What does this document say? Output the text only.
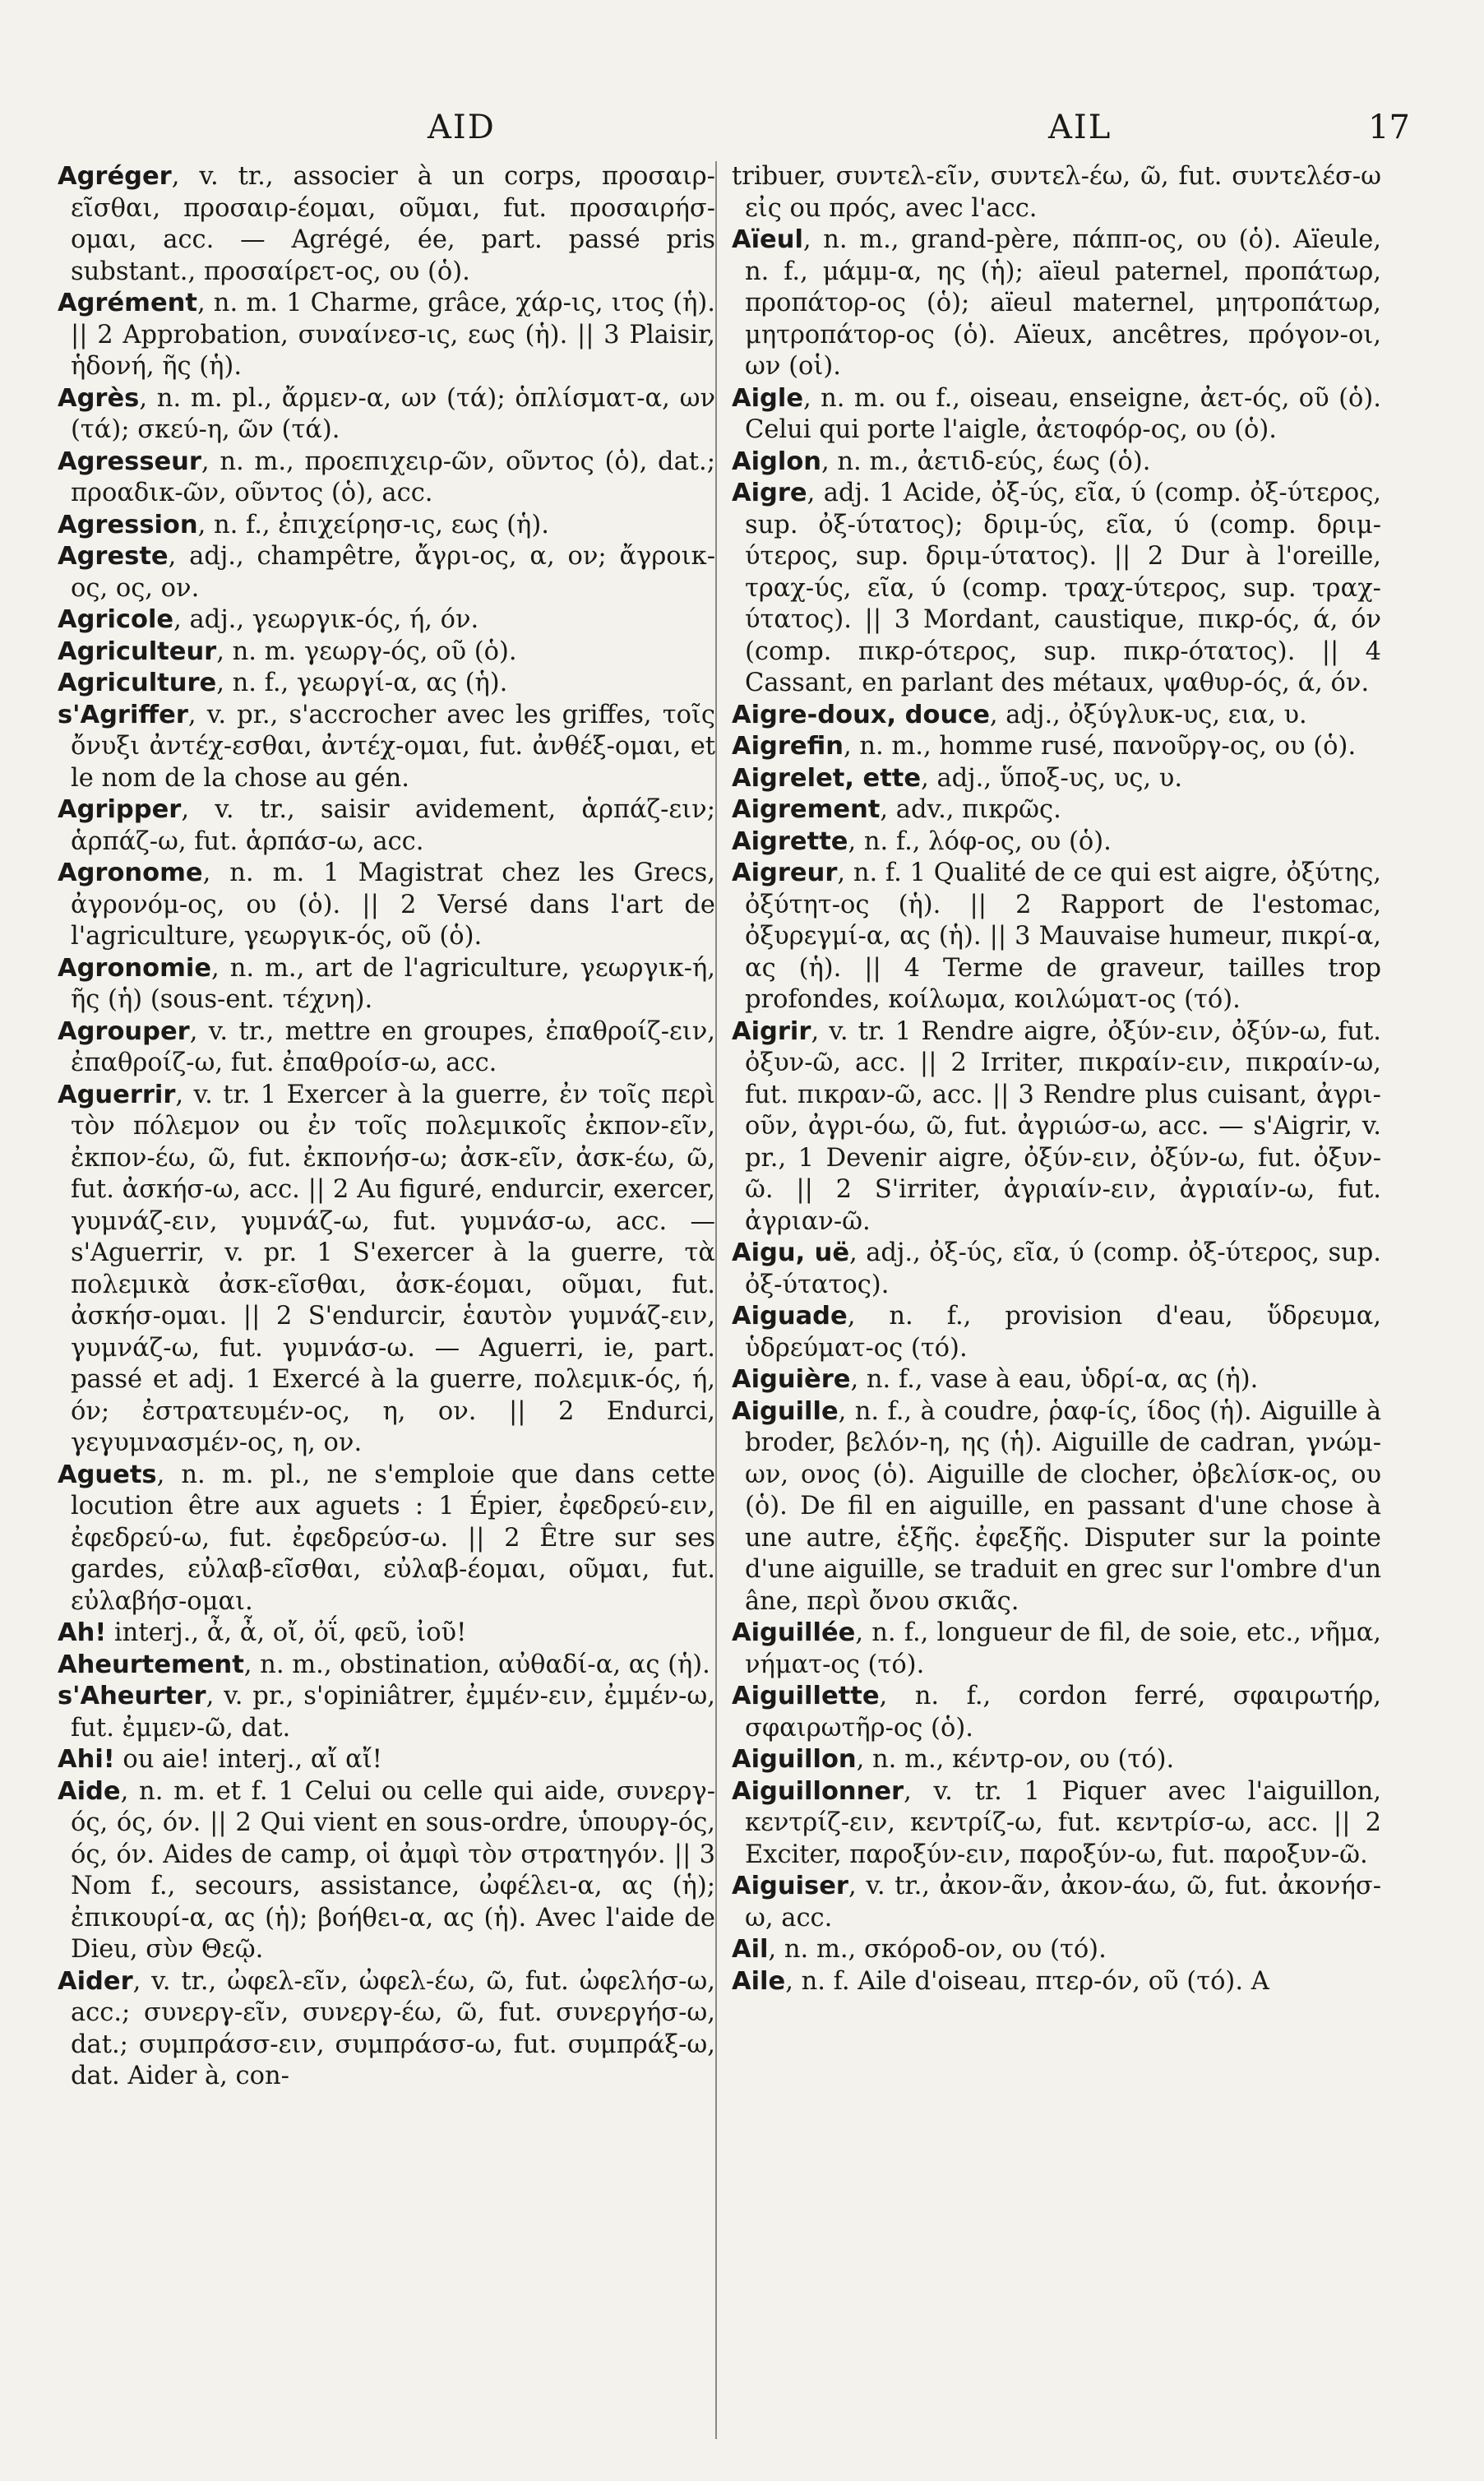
AID	AIL	17

Agréger, v. tr., associer à un corps, προσαιρ-εῖσθαι, προσαιρ-έομαι, οῦμαι, fut. προσαιρήσ-ομαι, acc. — Agrégé, ée, part. passé pris substant., προσαίρετ-ος, ου (ὁ).

Agrément, n. m. 1 Charme, grâce, χάρ-ις, ιτος (ἡ). || 2 Approbation, συναίνεσ-ις, εως (ἡ). || 3 Plaisir, ἡδονή, ῆς (ἡ).

Agrès, n. m. pl., ἄρμεν-α, ων (τά); ὁπλίσματ-α, ων (τά); σκεύ-η, ῶν (τά).

Agresseur, n. m., προεπιχειρ-ῶν, οῦντος (ὁ), dat.; προαδικ-ῶν, οῦντος (ὁ), acc.

Agression, n. f., ἐπιχείρησ-ις, εως (ἡ).

Agreste, adj., champêtre, ἄγρι-ος, α, ον; ἄγροικ-ος, ος, ον.

Agricole, adj., γεωργικ-ός, ή, όν.

Agriculteur, n. m. γεωργ-ός, οῦ (ὁ).

Agriculture, n. f., γεωργί-α, ας (ἡ).

s'Agriffer, v. pr., s'accrocher avec les griffes, τοῖς ὄνυξι ἀντέχ-εσθαι, ἀντέχ-ομαι, fut. ἀνθέξ-ομαι, et le nom de la chose au gén.

Agripper, v. tr., saisir avidement, ἁρπάζ-ειν; ἁρπάζ-ω, fut. ἁρπάσ-ω, acc.

Agronome, n. m. 1 Magistrat chez les Grecs, ἀγρονόμ-ος, ου (ὁ). || 2 Versé dans l'art de l'agriculture, γεωργικ-ός, οῦ (ὁ).

Agronomie, n. m., art de l'agriculture, γεωργικ-ή, ῆς (ἡ) (sous-ent. τέχνη).

Agrouper, v. tr., mettre en groupes, ἐπαθροίζ-ειν, ἐπαθροίζ-ω, fut. ἐπαθροίσ-ω, acc.

Aguerrir, v. tr. 1 Exercer à la guerre, ἐν τοῖς περὶ τὸν πόλεμον ou ἐν τοῖς πολεμικοῖς ἐκπον-εῖν, ἐκπον-έω, ῶ, fut. ἐκπονήσ-ω; ἀσκ-εῖν, ἀσκ-έω, ῶ, fut. ἀσκήσ-ω, acc. || 2 Au figuré, endurcir, exercer, γυμνάζ-ειν, γυμνάζ-ω, fut. γυμνάσ-ω, acc. — s'Aguerrir, v. pr. 1 S'exercer à la guerre, τὰ πολεμικὰ ἀσκ-εῖσθαι, ἀσκ-έομαι, οῦμαι, fut. ἀσκήσ-ομαι. || 2 S'endurcir, ἑαυτὸν γυμνάζ-ειν, γυμνάζ-ω, fut. γυμνάσ-ω. — Aguerri, ie, part. passé et adj. 1 Exercé à la guerre, πολεμικ-ός, ή, όν; ἐστρατευμέν-ος, η, ον. || 2 Endurci, γεγυμνασμέν-ος, η, ον.

Aguets, n. m. pl., ne s'emploie que dans cette locution être aux aguets : 1 Épier, ἐφεδρεύ-ειν, ἐφεδρεύ-ω, fut. ἐφεδρεύσ-ω. || 2 Être sur ses gardes, εὐλαβ-εῖσθαι, εὐλαβ-έομαι, οῦμαι, fut. εὐλαβήσ-ομαι.

Ah! interj., ἆ, ἆ, οἴ, ὀΐ, φεῦ, ἰοῦ!

Aheurtement, n. m., obstination, αὐθαδί-α, ας (ἡ).

s'Aheurter, v. pr., s'opiniâtrer, ἐμμέν-ειν, ἐμμέν-ω, fut. ἐμμεν-ῶ, dat.

Ahi! ou aie! interj., αἴ αἴ!

Aide, n. m. et f. 1 Celui ou celle qui aide, συνεργ-ός, ός, όν. || 2 Qui vient en sous-ordre, ὑπουργ-ός, ός, όν. Aides de camp, οἱ ἀμφὶ τὸν στρατηγόν. || 3 Nom f., secours, assistance, ὠφέλει-α, ας (ἡ); ἐπικουρί-α, ας (ἡ); βοήθει-α, ας (ἡ). Avec l'aide de Dieu, σὺν Θεῷ.

Aider, v. tr., ὠφελ-εῖν, ὠφελ-έω, ῶ, fut. ὠφελήσ-ω, acc.; συνεργ-εῖν, συνεργ-έω, ῶ, fut. συνεργήσ-ω, dat.; συμπράσσ-ειν, συμπράσσ-ω, fut. συμπράξ-ω, dat. Aider à, con-

tribuer, συντελ-εῖν, συντελ-έω, ῶ, fut. συντελέσ-ω εἰς ou πρός, avec l'acc.

Aïeul, n. m., grand-père, πάππ-ος, ου (ὁ). Aïeule, n. f., μάμμ-α, ης (ἡ); aïeul paternel, προπάτωρ, προπάτορ-ος (ὁ); aïeul maternel, μητροπάτωρ, μητροπάτορ-ος (ὁ). Aïeux, ancêtres, πρόγον-οι, ων (οἱ).

Aigle, n. m. ou f., oiseau, enseigne, ἀετ-ός, οῦ (ὁ). Celui qui porte l'aigle, ἀετοφόρ-ος, ου (ὁ).

Aiglon, n. m., ἀετιδ-εύς, έως (ὁ).

Aigre, adj. 1 Acide, ὀξ-ύς, εῖα, ύ (comp. ὀξ-ύτερος, sup. ὀξ-ύτατος); δριμ-ύς, εῖα, ύ (comp. δριμ-ύτερος, sup. δριμ-ύτατος). || 2 Dur à l'oreille, τραχ-ύς, εῖα, ύ (comp. τραχ-ύτερος, sup. τραχ-ύτατος). || 3 Mordant, caustique, πικρ-ός, ά, όν (comp. πικρ-ότερος, sup. πικρ-ότατος). || 4 Cassant, en parlant des métaux, ψαθυρ-ός, ά, όν.

Aigre-doux, douce, adj., ὀξύγλυκ-υς, εια, υ.

Aigrefin, n. m., homme rusé, πανοῦργ-ος, ου (ὁ).

Aigrelet, ette, adj., ὕποξ-υς, υς, υ.

Aigrement, adv., πικρῶς.

Aigrette, n. f., λόφ-ος, ου (ὁ).

Aigreur, n. f. 1 Qualité de ce qui est aigre, ὀξύτης, ὀξύτητ-ος (ἡ). || 2 Rapport de l'estomac, ὀξυρεγμί-α, ας (ἡ). || 3 Mauvaise humeur, πικρί-α, ας (ἡ). || 4 Terme de graveur, tailles trop profondes, κοίλωμα, κοιλώματ-ος (τό).

Aigrir, v. tr. 1 Rendre aigre, ὀξύν-ειν, ὀξύν-ω, fut. ὀξυν-ῶ, acc. || 2 Irriter, πικραίν-ειν, πικραίν-ω, fut. πικραν-ῶ, acc. || 3 Rendre plus cuisant, ἀγρι-οῦν, ἀγρι-όω, ῶ, fut. ἀγριώσ-ω, acc. — s'Aigrir, v. pr., 1 Devenir aigre, ὀξύν-ειν, ὀξύν-ω, fut. ὀξυν-ῶ. || 2 S'irriter, ἀγριαίν-ειν, ἀγριαίν-ω, fut. ἀγριαν-ῶ.

Aigu, uë, adj., ὀξ-ύς, εῖα, ύ (comp. ὀξ-ύτερος, sup. ὀξ-ύτατος).

Aiguade, n. f., provision d'eau, ὕδρευμα, ὑδρεύματ-ος (τό).

Aiguière, n. f., vase à eau, ὑδρί-α, ας (ἡ).

Aiguille, n. f., à coudre, ῥαφ-ίς, ίδος (ἡ). Aiguille à broder, βελόν-η, ης (ἡ). Aiguille de cadran, γνώμ-ων, ονος (ὁ). Aiguille de clocher, ὀβελίσκ-ος, ου (ὁ). De fil en aiguille, en passant d'une chose à une autre, ἑξῆς. ἐφεξῆς. Disputer sur la pointe d'une aiguille, se traduit en grec sur l'ombre d'un âne, περὶ ὄνου σκιᾶς.

Aiguillée, n. f., longueur de fil, de soie, etc., νῆμα, νήματ-ος (τό).

Aiguillette, n. f., cordon ferré, σφαιρωτήρ, σφαιρωτῆρ-ος (ὁ).

Aiguillon, n. m., κέντρ-ον, ου (τό).

Aiguillonner, v. tr. 1 Piquer avec l'aiguillon, κεντρίζ-ειν, κεντρίζ-ω, fut. κεντρίσ-ω, acc. || 2 Exciter, παροξύν-ειν, παροξύν-ω, fut. παροξυν-ῶ.

Aiguiser, v. tr., ἀκον-ᾶν, ἀκον-άω, ῶ, fut. ἀκονήσ-ω, acc.

Ail, n. m., σκόροδ-ον, ου (τό).

Aile, n. f. Aile d'oiseau, πτερ-όν, οῦ (τό). A
